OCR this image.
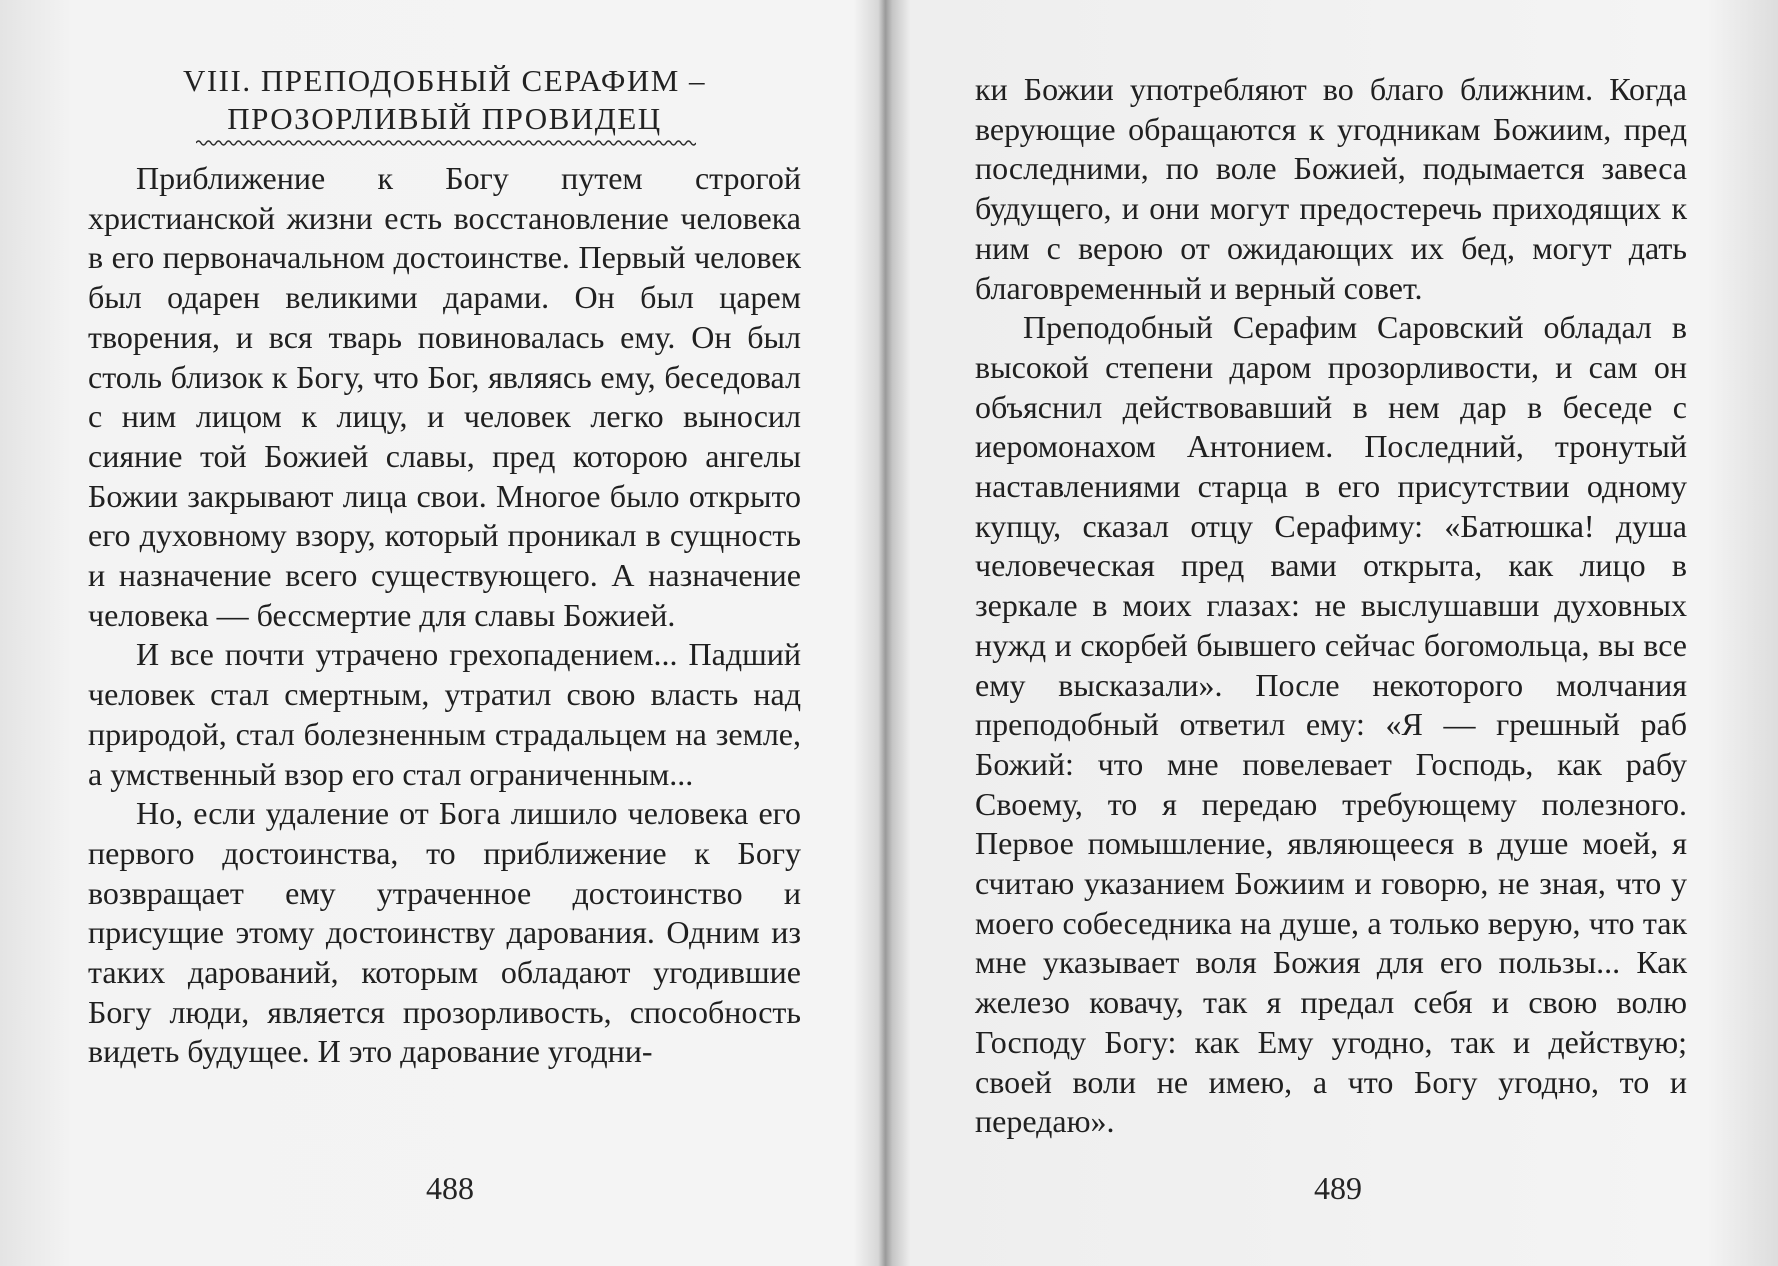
VIII. ПРЕПОДОБНЫЙ СЕРАФИМ –
ПРОЗОРЛИВЫЙ ПРОВИДЕЦ

Приближение к Богу путем строгой христианской жизни есть восстановление человека в его первоначальном достоинстве. Первый человек был одарен великими дарами. Он был царем творения, и вся тварь повиновалась ему. Он был столь близок к Богу, что Бог, являясь ему, беседовал с ним лицом к лицу, и человек легко выносил сияние той Божией славы, пред которою ангелы Божии закрывают лица свои. Многое было открыто его духовному взору, который проникал в сущность и назначение всего существующего. А назначение человека — бессмертие для славы Божией.

И все почти утрачено грехопадением... Падший человек стал смертным, утратил свою власть над природой, стал болезненным страдальцем на земле, а умственный взор его стал ограниченным...

Но, если удаление от Бога лишило человека его первого достоинства, то приближение к Богу возвращает ему утраченное достоинство и присущие этому достоинству дарования. Одним из таких дарований, которым обладают угодившие Богу люди, является прозорливость, способность видеть будущее. И это дарование угодни-

488

ки Божии употребляют во благо ближним. Когда верующие обращаются к угодникам Божиим, пред последними, по воле Божией, подымается завеса будущего, и они могут предостеречь приходящих к ним с верою от ожидающих их бед, могут дать благовременный и верный совет.

Преподобный Серафим Саровский обладал в высокой степени даром прозорливости, и сам он объяснил действовавший в нем дар в беседе с иеромонахом Антонием. Последний, тронутый наставлениями старца в его присутствии одному купцу, сказал отцу Серафиму: «Батюшка! душа человеческая пред вами открыта, как лицо в зеркале в моих глазах: не выслушавши духовных нужд и скорбей бывшего сейчас богомольца, вы все ему высказали». После некоторого молчания преподобный ответил ему: «Я — грешный раб Божий: что мне повелевает Господь, как рабу Своему, то я передаю требующему полезного. Первое помышление, являющееся в душе моей, я считаю указанием Божиим и говорю, не зная, что у моего собеседника на душе, а только верую, что так мне указывает воля Божия для его пользы... Как железо ковачу, так я предал себя и свою волю Господу Богу: как Ему угодно, так и действую; своей воли не имею, а что Богу угодно, то и передаю».

489
